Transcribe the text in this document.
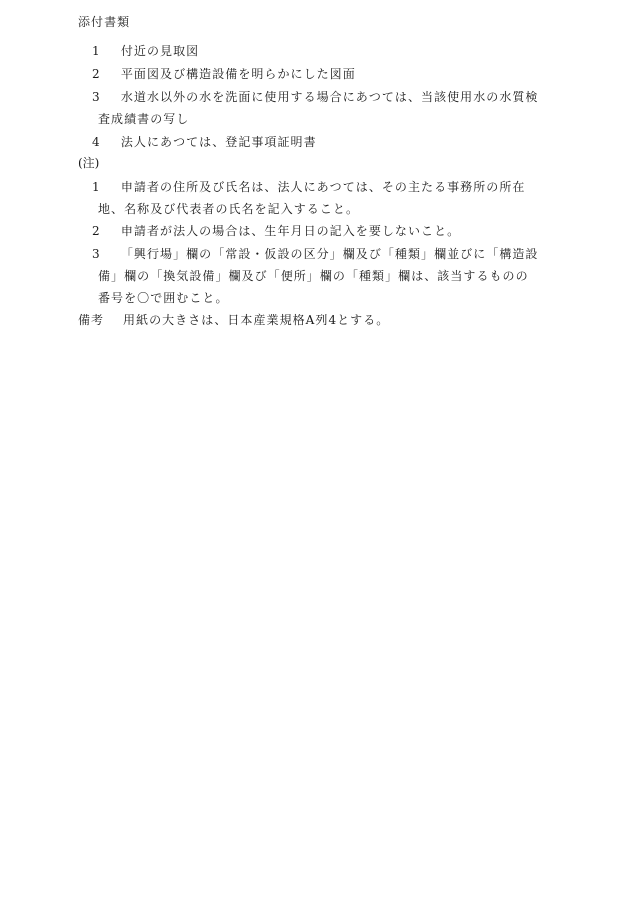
添付書類
1 付近の見取図
2 平面図及び構造設備を明らかにした図面
3 水道水以外の水を洗面に使用する場合にあつては、当該使用水の水質検
査成績書の写し
4 法人にあつては、登記事項証明書
(注)
1 申請者の住所及び氏名は、法人にあつては、その主たる事務所の所在
地、名称及び代表者の氏名を記入すること。
2 申請者が法人の場合は、生年月日の記入を要しないこと。
3 「興行場」欄の「常設・仮設の区分」欄及び「種類」欄並びに「構造設
備」欄の「換気設備」欄及び「便所」欄の「種類」欄は、該当するものの
番号を〇で囲むこと。
備考 用紙の大きさは、日本産業規格A列4とする。
